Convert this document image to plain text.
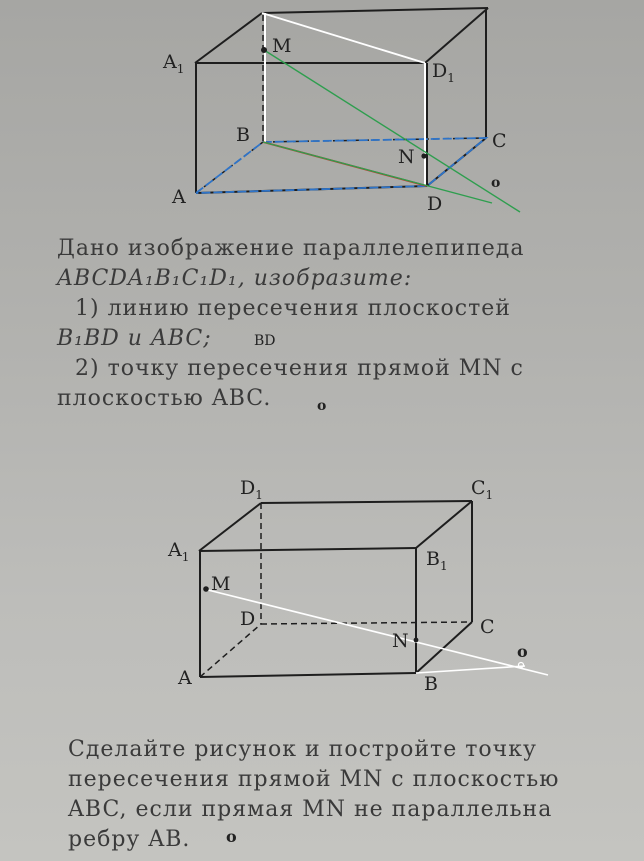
$A_1$
M
$D_1$
B	C
N
A	D
o

Дано изображение параллелепипеда

ABCDA₁B₁C₁D₁, изобразите:

1) линию пересечения плоскостей

B₁BD и ABC;

2) точку пересечения прямой MN с

плоскостью ABC.

BD
o
$D_1$	$C_1$
$A_1$	$B_1$
M
D	C
N
A	B
o

Сделайте рисунок и постройте точку

пересечения прямой MN с плоскостью

ABC, если прямая MN не параллельна

ребру AB.	o
